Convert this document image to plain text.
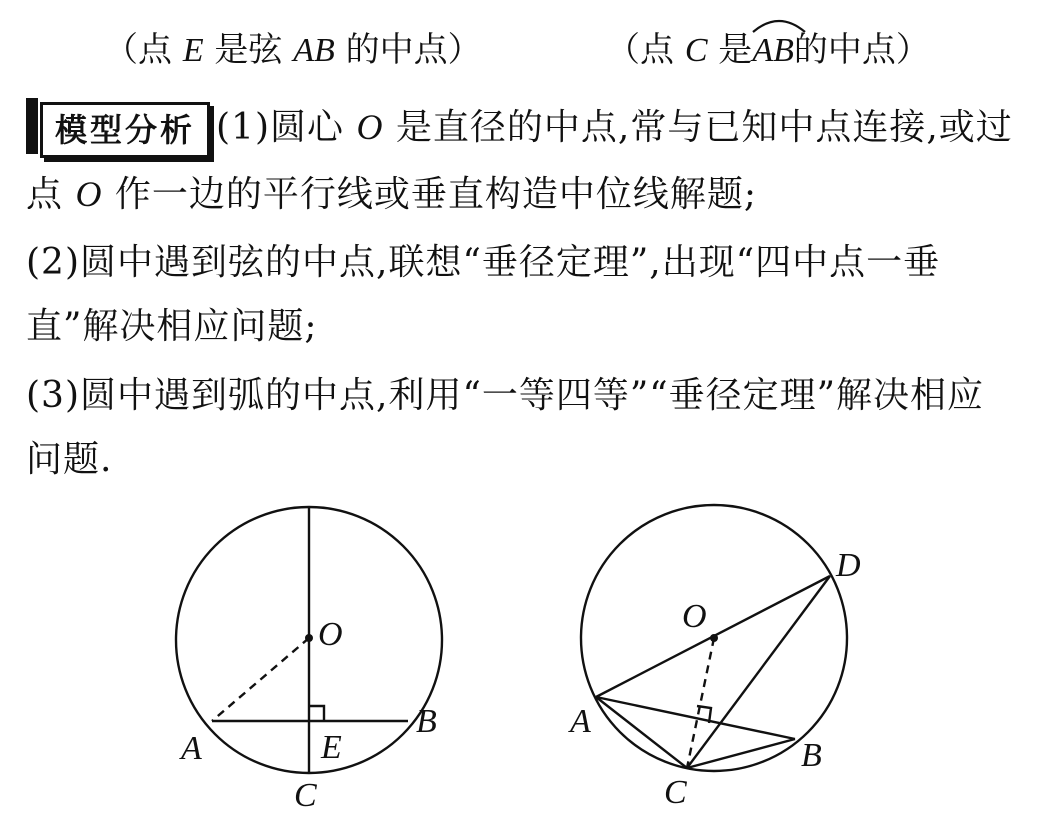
（点 E 是弦 AB 的中点）	（点 C 是
AB的中点）
模型分析 (1)圆心 O 是直径的中点,常与已知中点连接,或过点 O 作一边的平行线或垂直构造中位线解题;
(2)圆中遇到弦的中点,联想“垂径定理”,出现“四中点一垂直”解决相应问题;
(3)圆中遇到弧的中点,利用“一等四等”“垂径定理”解决相应问题.
O
A
B
E
C
O
D
A
B
C
